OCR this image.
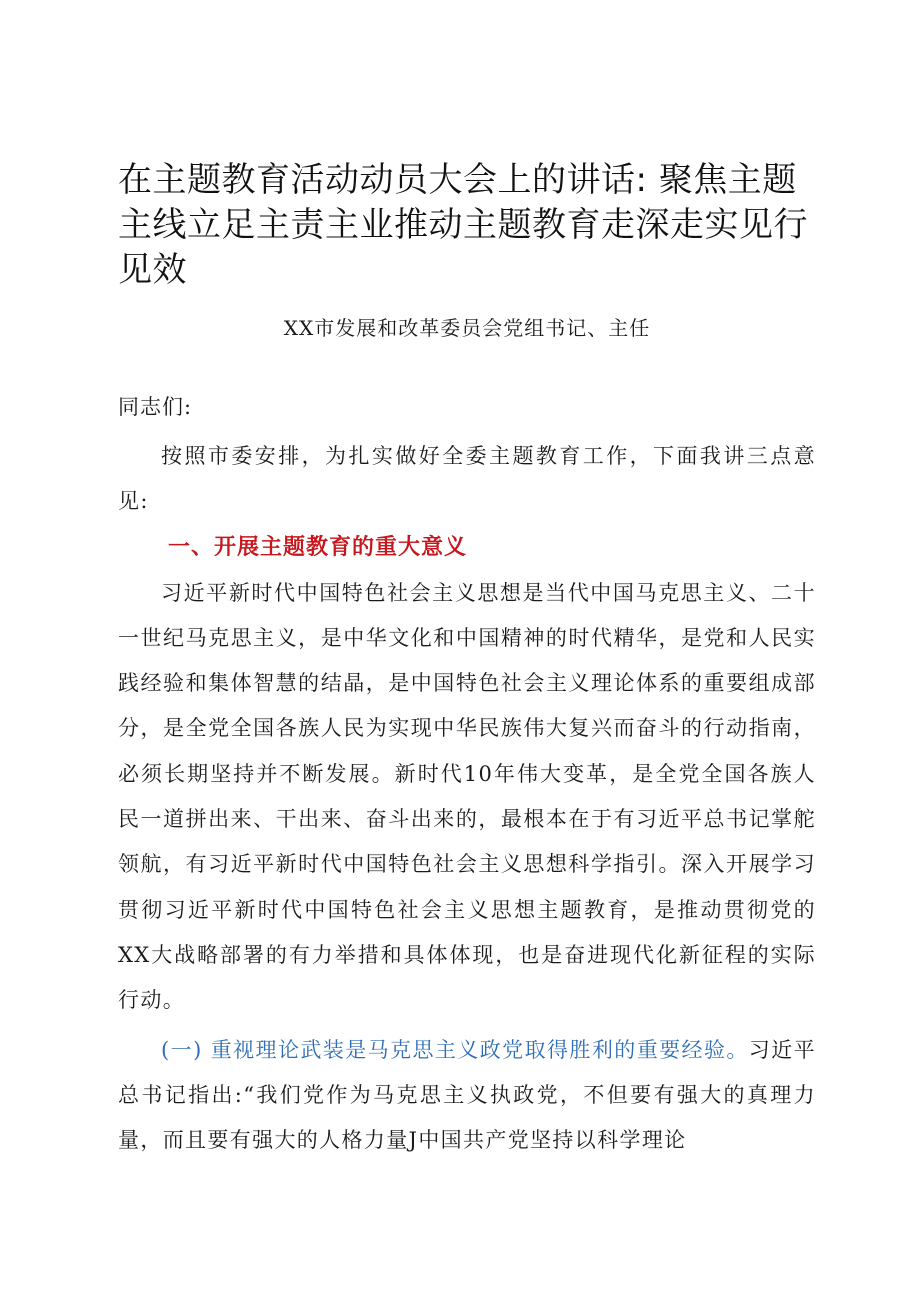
在主题教育活动动员大会上的讲话: 聚焦主题主线立足主责主业推动主题教育走深走实见行见效
XX市发展和改革委员会党组书记、主任
同志们:

按照市委安排，为扎实做好全委主题教育工作，下面我讲三点意见:

一、开展主题教育的重大意义

习近平新时代中国特色社会主义思想是当代中国马克思主义、二十一世纪马克思主义，是中华文化和中国精神的时代精华，是党和人民实践经验和集体智慧的结晶，是中国特色社会主义理论体系的重要组成部分，是全党全国各族人民为实现中华民族伟大复兴而奋斗的行动指南，必须长期坚持并不断发展。新时代10年伟大变革，是全党全国各族人民一道拼出来、干出来、奋斗出来的，最根本在于有习近平总书记掌舵领航，有习近平新时代中国特色社会主义思想科学指引。深入开展学习贯彻习近平新时代中国特色社会主义思想主题教育，是推动贯彻党的XX大战略部署的有力举措和具体体现，也是奋进现代化新征程的实际行动。

(一) 重视理论武装是马克思主义政党取得胜利的重要经验。习近平总书记指出:“我们党作为马克思主义执政党，不但要有强大的真理力量，而且要有强大的人格力量J中国共产党坚持以科学理论
